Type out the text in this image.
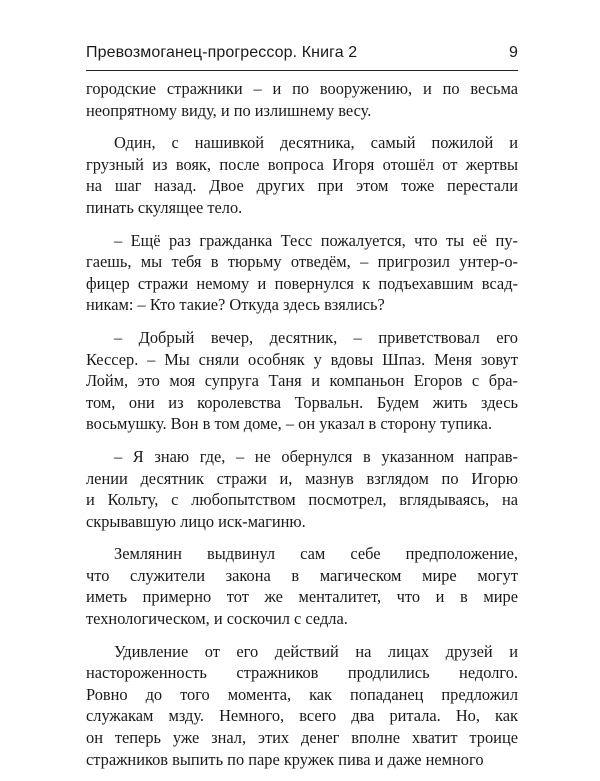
Превозмоганец-прогрессор. Книга 2	9

городские стражники – и по вооружению, и по весьма
неопрятному виду, и по излишнему весу.

Один, с нашивкой десятника, самый пожилой и
грузный из вояк, после вопроса Игоря отошёл от жертвы
на шаг назад. Двое других при этом тоже перестали
пинать скулящее тело.

– Ещё раз гражданка Тесс пожалуется, что ты её пу-
гаешь, мы тебя в тюрьму отведём, – пригрозил унтер-о-
фицер стражи немому и повернулся к подъехавшим всад-
никам: – Кто такие? Откуда здесь взялись?

– Добрый вечер, десятник, – приветствовал его
Кессер. – Мы сняли особняк у вдовы Шпаз. Меня зовут
Лойм, это моя супруга Таня и компаньон Егоров с бра-
том, они из королевства Торвальн. Будем жить здесь
восьмушку. Вон в том доме, – он указал в сторону тупика.

– Я знаю где, – не обернулся в указанном направ-
лении десятник стражи и, мазнув взглядом по Игорю
и Кольту, с любопытством посмотрел, вглядываясь, на
скрывавшую лицо иск-магиню.

Землянин выдвинул сам себе предположение,
что служители закона в магическом мире могут
иметь примерно тот же менталитет, что и в мире
технологическом, и соскочил с седла.

Удивление от его действий на лицах друзей и
настороженность стражников продлились недолго.
Ровно до того момента, как попаданец предложил
служакам мзду. Немного, всего два ритала. Но, как
он теперь уже знал, этих денег вполне хватит троице
стражников выпить по паре кружек пива и даже немного
